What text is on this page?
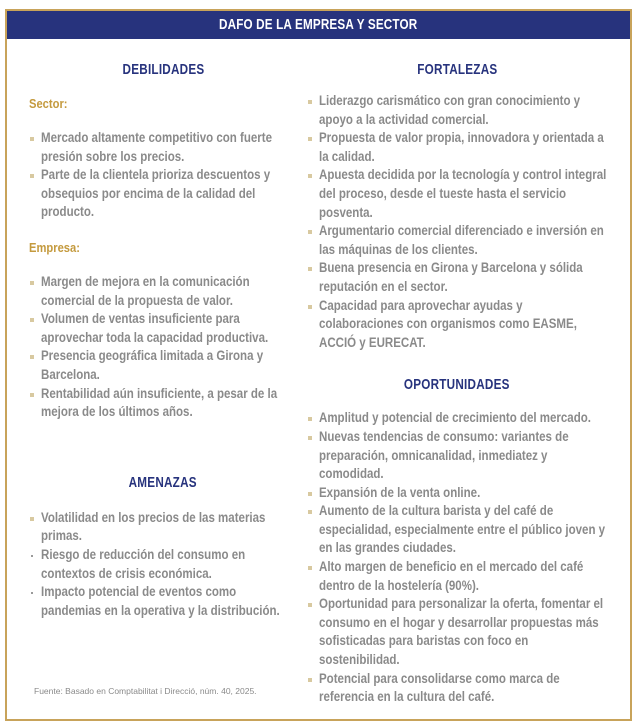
DAFO DE LA EMPRESA Y SECTOR
DEBILIDADES
Sector:
Mercado altamente competitivo con fuerte presión sobre los precios.
Parte de la clientela prioriza descuentos y obsequios por encima de la calidad del producto.
Empresa:
Margen de mejora en la comunicación comercial de la propuesta de valor.
Volumen de ventas insuficiente para aprovechar toda la capacidad productiva.
Presencia geográfica limitada a Girona y Barcelona.
Rentabilidad aún insuficiente, a pesar de la mejora de los últimos años.
AMENAZAS
Volatilidad en los precios de las materias primas.
Riesgo de reducción del consumo en contextos de crisis económica.
Impacto potencial de eventos como pandemias en la operativa y la distribución.
FORTALEZAS
Liderazgo carismático con gran conocimiento y apoyo a la actividad comercial.
Propuesta de valor propia, innovadora y orientada a la calidad.
Apuesta decidida por la tecnología y control integral del proceso, desde el tueste hasta el servicio posventa.
Argumentario comercial diferenciado e inversión en las máquinas de los clientes.
Buena presencia en Girona y Barcelona y sólida reputación en el sector.
Capacidad para aprovechar ayudas y colaboraciones con organismos como EASME, ACCIÓ y EURECAT.
OPORTUNIDADES
Amplitud y potencial de crecimiento del mercado.
Nuevas tendencias de consumo: variantes de preparación, omnicanalidad, inmediatez y comodidad.
Expansión de la venta online.
Aumento de la cultura barista y del café de especialidad, especialmente entre el público joven y en las grandes ciudades.
Alto margen de beneficio en el mercado del café dentro de la hostelería (90%).
Oportunidad para personalizar la oferta, fomentar el consumo en el hogar y desarrollar propuestas más sofisticadas para baristas con foco en sostenibilidad.
Potencial para consolidarse como marca de referencia en la cultura del café.
Fuente: Basado en Comptabilitat i Direcció, núm. 40, 2025.
